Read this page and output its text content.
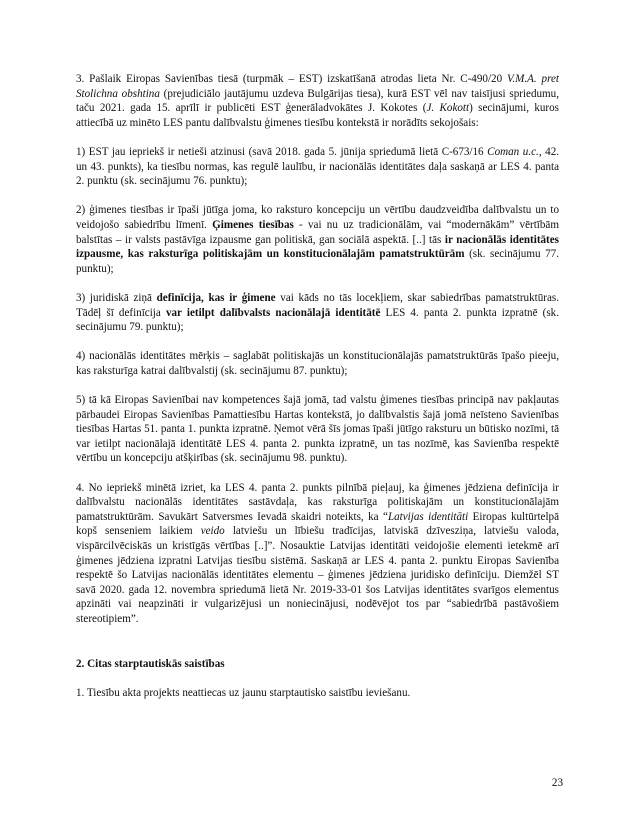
3. Pašlaik Eiropas Savienības tiesā (turpmāk – EST) izskatīšanā atrodas lieta Nr. C-490/20 V.M.A. pret Stolichna obshtina (prejudiciālo jautājumu uzdeva Bulgārijas tiesa), kurā EST vēl nav taisījusi spriedumu, taču 2021. gada 15. aprīlī ir publicēti EST ģenerāladvokātes J. Kokotes (J. Kokott) secinājumi, kuros attiecībā uz minēto LES pantu dalībvalstu ģimenes tiesību kontekstā ir norādīts sekojošais:

1) EST jau iepriekš ir netieši atzinusi (savā 2018. gada 5. jūnija spriedumā lietā C-673/16 Coman u.c., 42. un 43. punkts), ka tiesību normas, kas regulē laulību, ir nacionālās identitātes daļa saskaņā ar LES 4. panta 2. punktu (sk. secinājumu 76. punktu);

2) ģimenes tiesības ir īpaši jūtīga joma, ko raksturo koncepciju un vērtību daudzveidība dalībvalstu un to veidojošo sabiedrību līmenī. Ģimenes tiesības - vai nu uz tradicionālām, vai “modernākām” vērtībām balstītas – ir valsts pastāvīga izpausme gan politiskā, gan sociālā aspektā. [..] tās ir nacionālās identitātes izpausme, kas raksturīga politiskajām un konstitucionālajām pamatstruktūrām (sk. secinājumu 77. punktu);

3) juridiskā ziņā definīcija, kas ir ģimene vai kāds no tās locekļiem, skar sabiedrības pamatstruktūras. Tādēļ šī definīcija var ietilpt dalībvalsts nacionālajā identitātē LES 4. panta 2. punkta izpratnē (sk. secinājumu 79. punktu);

4) nacionālās identitātes mērķis – saglabāt politiskajās un konstitucionālajās pamatstruktūrās īpašo pieeju, kas raksturīga katrai dalībvalstij (sk. secinājumu 87. punktu);

5) tā kā Eiropas Savienībai nav kompetences šajā jomā, tad valstu ģimenes tiesības principā nav pakļautas pārbaudei Eiropas Savienības Pamattiesību Hartas kontekstā, jo dalībvalstis šajā jomā neīsteno Savienības tiesības Hartas 51. panta 1. punkta izpratnē. Ņemot vērā šīs jomas īpaši jūtīgo raksturu un būtisko nozīmi, tā var ietilpt nacionālajā identitātē LES 4. panta 2. punkta izpratnē, un tas nozīmē, kas Savienība respektē vērtību un koncepciju atšķirības (sk. secinājumu 98. punktu).

4. No iepriekš minētā izriet, ka LES 4. panta 2. punkts pilnībā pieļauj, ka ģimenes jēdziena definīcija ir dalībvalstu nacionālās identitātes sastāvdaļa, kas raksturīga politiskajām un konstitucionālajām pamatstruktūrām. Savukārt Satversmes Ievadā skaidri noteikts, ka “Latvijas identitāti Eiropas kultūrtelpā kopš senseniem laikiem veido latviešu un lībiešu tradīcijas, latviskā dzīvesziņa, latviešu valoda, vispārcilvēciskās un kristīgās vērtības [..]”. Nosauktie Latvijas identitāti veidojošie elementi ietekmē arī ģimenes jēdziena izpratni Latvijas tiesību sistēmā. Saskaņā ar LES 4. panta 2. punktu Eiropas Savienība respektē šo Latvijas nacionālās identitātes elementu – ģimenes jēdziena juridisko definīciju. Diemžēl ST savā 2020. gada 12. novembra spriedumā lietā Nr. 2019-33-01 šos Latvijas identitātes svarīgos elementus apzināti vai neapzināti ir vulgarizējusi un noniecinājusi, nodēvējot tos par “sabiedrībā pastāvošiem stereotipiem”.

2. Citas starptautiskās saistības

1. Tiesību akta projekts neattiecas uz jaunu starptautisko saistību ieviešanu.

23
